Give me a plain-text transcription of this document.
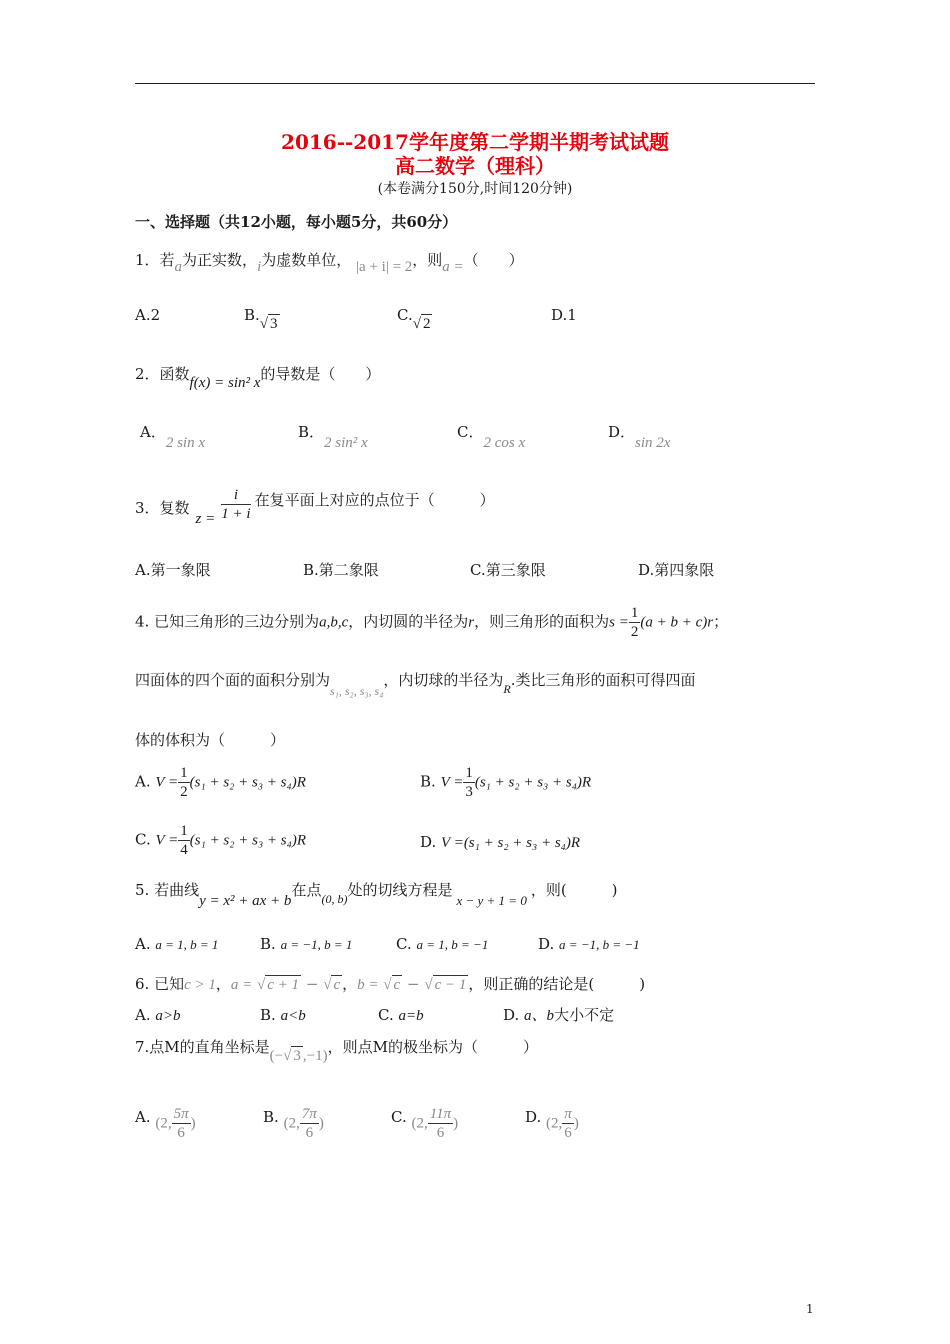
2016--2017学年度第二学期半期考试试题
高二数学（理科）
(本卷满分150分,时间120分钟)
一、选择题（共12小题，每小题5分，共60分）
1．若a为正实数，i为虚数单位， |a + i| = 2，则a =（　　）
A.2	B.√ 3	C.√ 2	D.1
2．函数f(x) = sin² x的导数是（　　）
A．2 sin x
B．2 sin² x
C．2 cos x
D．sin 2x
3．复数$z = \frac{i}{1 + i}$ 在复平面上对应的点位于（　　　）
A.第一象限	B.第二象限	C.第三象限	D.第四象限
4. 已知三角形的三边分别为a,b,c，内切圆的半径为r，则三角形的面积为$s = \frac{1}{2} (a + b + c)r$；
四面体的四个面的面积分别为$_{s_1, s_2, s_3, s_4}$，内切球的半径为$_R$.类比三角形的面积可得四面
体的体积为（　　　）
A. $V = \frac{1}{2} (s_1 + s_2 + s_3 + s_4)R$	B. $V = \frac{1}{3} (s_1 + s_2 + s_3 + s_4)R$
C. $V = \frac{1}{4} (s_1 + s_2 + s_3 + s_4)R$	D. V =(s₁ + s₂ + s₃ + s₄)R
5. 若曲线y = x² + ax + b在点$_{(0, b)}$处的切线方程是x − y + 1 = 0，则(　　　)
A. a = 1, b = 1	B. a = −1, b = 1	C. a = 1, b = −1	D. a = −1, b = −1
6. 已知c > 1，a = √ c + 1 − √ c ，b = √ c − √ c − 1 ，则正确的结论是(　　　)
A. a>b	B. a<b	C. a=b	D. a、b大小不定
7.点M的直角坐标是(−√ 3 ,−1)，则点M的极坐标为（　　　）
A. (2, $\frac{5\pi}{6}$ )	B. (2, $\frac{7\pi}{6}$ )	C. (2, $\frac{11\pi}{6}$ )	D. (2, $\frac{\pi}{6}$ )
1
